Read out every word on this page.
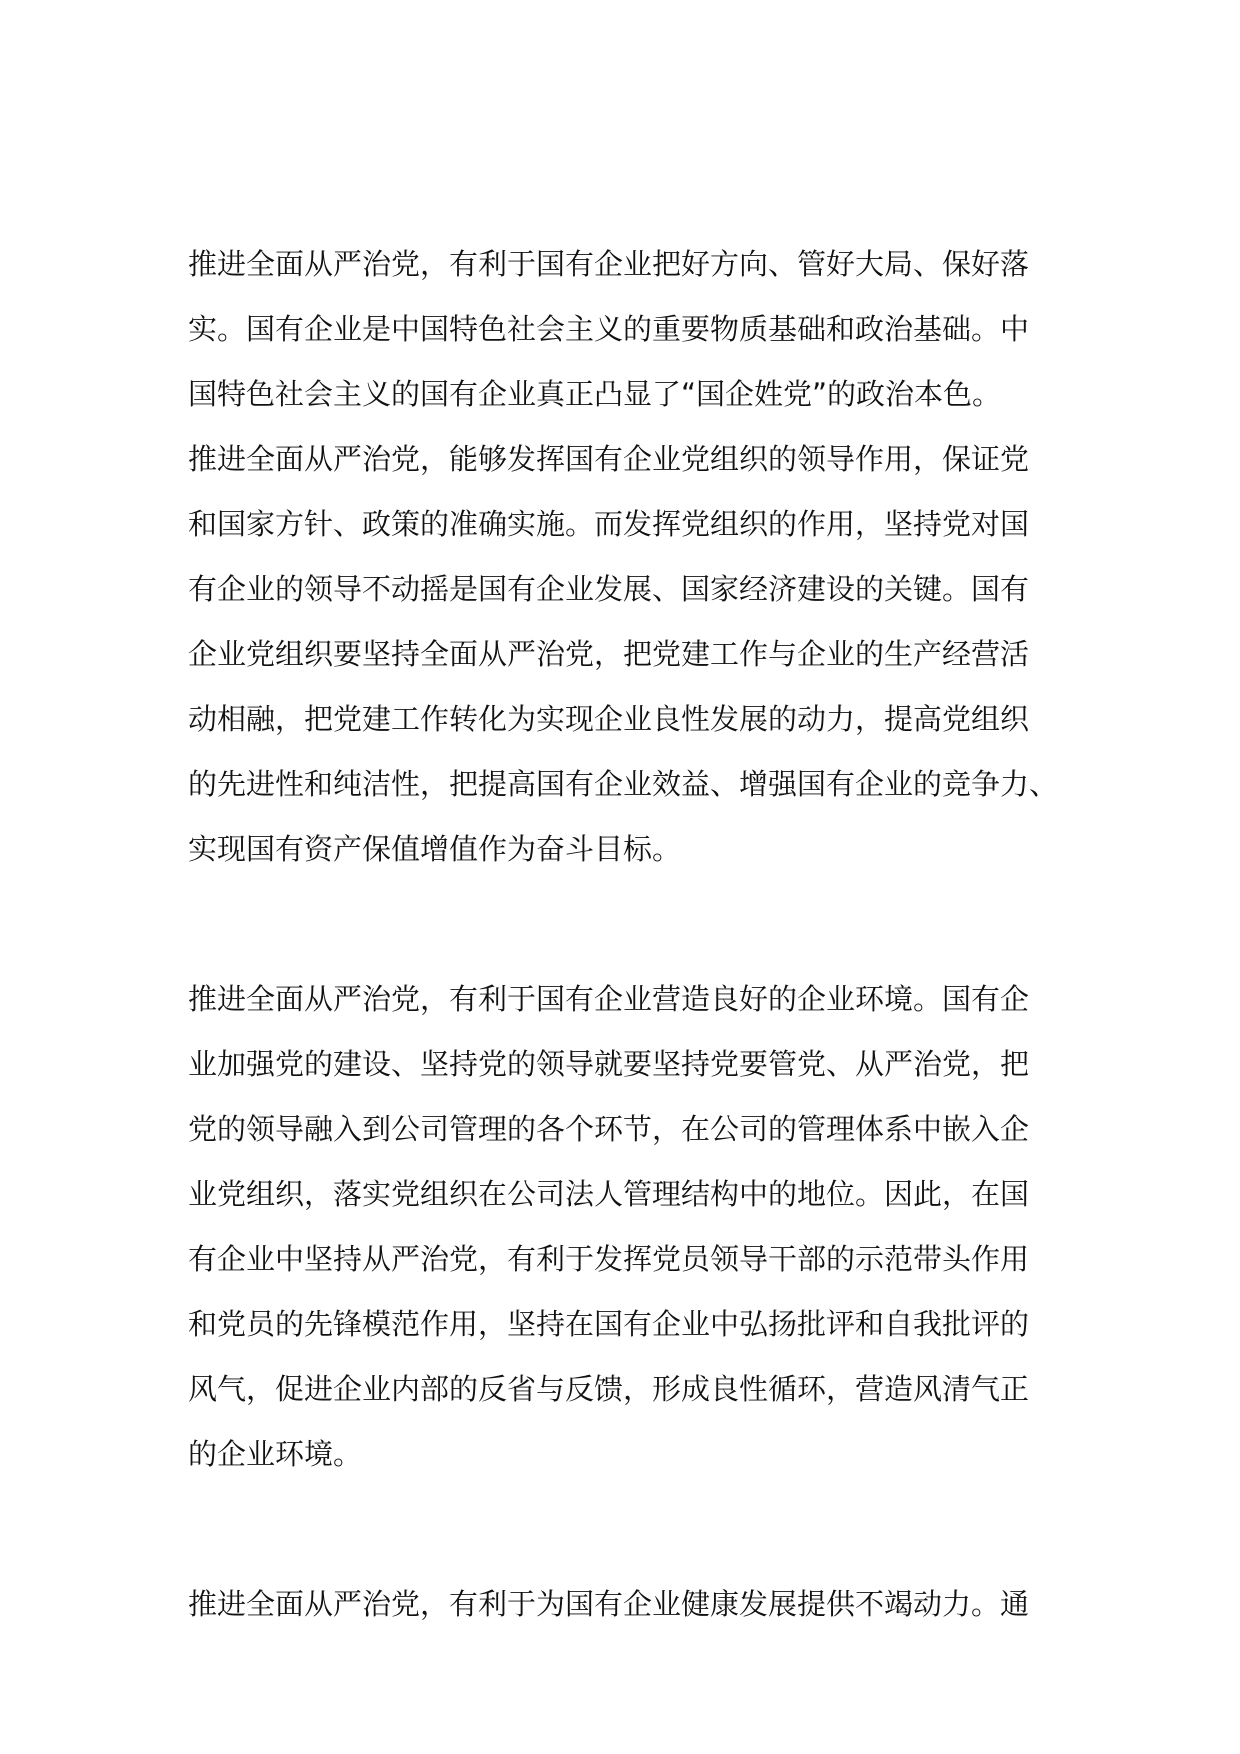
推进全面从严治党，有利于国有企业把好方向、管好大局、保好落
实。国有企业是中国特色社会主义的重要物质基础和政治基础。中
国特色社会主义的国有企业真正凸显了“国企姓党”的政治本色。
推进全面从严治党，能够发挥国有企业党组织的领导作用，保证党
和国家方针、政策的准确实施。而发挥党组织的作用，坚持党对国
有企业的领导不动摇是国有企业发展、国家经济建设的关键。国有
企业党组织要坚持全面从严治党，把党建工作与企业的生产经营活
动相融，把党建工作转化为实现企业良性发展的动力，提高党组织
的先进性和纯洁性，把提高国有企业效益、增强国有企业的竞争力、
实现国有资产保值增值作为奋斗目标。
推进全面从严治党，有利于国有企业营造良好的企业环境。国有企
业加强党的建设、坚持党的领导就要坚持党要管党、从严治党，把
党的领导融入到公司管理的各个环节，在公司的管理体系中嵌入企
业党组织，落实党组织在公司法人管理结构中的地位。因此，在国
有企业中坚持从严治党，有利于发挥党员领导干部的示范带头作用
和党员的先锋模范作用，坚持在国有企业中弘扬批评和自我批评的
风气，促进企业内部的反省与反馈，形成良性循环，营造风清气正
的企业环境。
推进全面从严治党，有利于为国有企业健康发展提供不竭动力。通
